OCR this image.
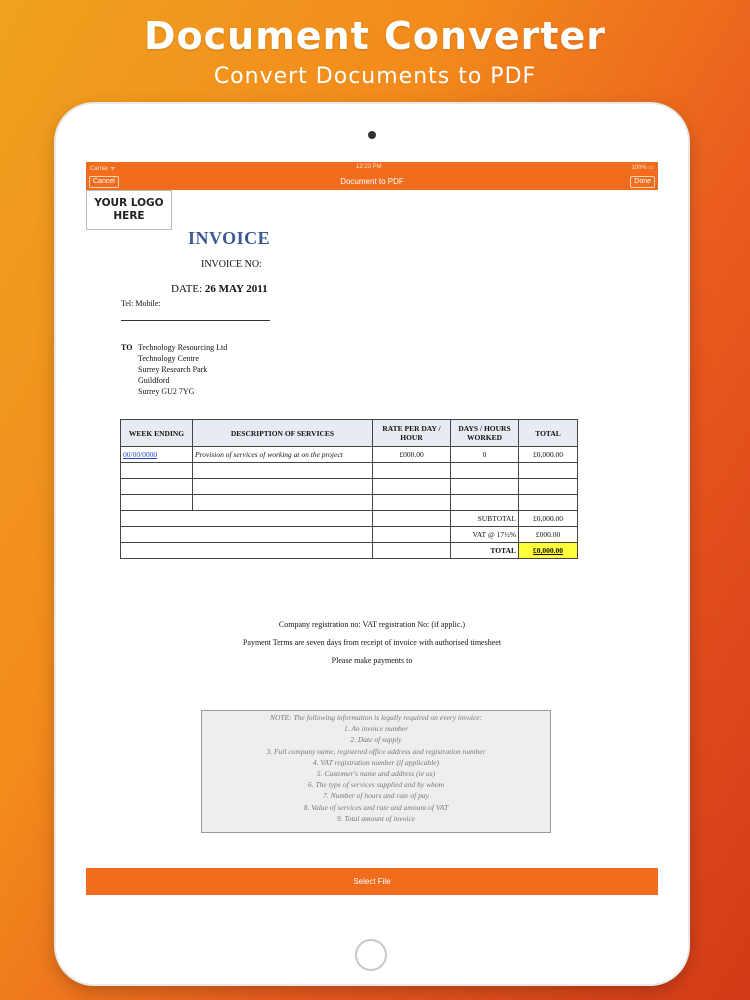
Document Converter
Convert Documents to PDF
Carrier ᯤ	12:23 PM	100% ▭
Cancel	Document to PDF	Done
YOUR LOGO HERE
INVOICE
INVOICE NO:
DATE: 26 MAY 2011
Tel: Mobile:
TO Technology Resourcing Ltd
Technology Centre
Surrey Research Park
Guildford
Surrey GU2 7YG
WEEK ENDING	DESCRIPTION OF SERVICES	RATE PER DAY / HOUR	DAYS / HOURS WORKED	TOTAL
00/00/0000	Provision of services of working at on the project	£000.00	0	£0,000.00

			SUBTOTAL	£0,000.00
			VAT @ 17½%	£000.00
			TOTAL	£0,000.00
Company registration no: VAT registration No: (if applic.)
Payment Terms are seven days from receipt of invoice with authorised timesheet
Please make payments to
NOTE: The following information is legally required on every invoice:
1. An invoice number
2. Date of supply
3. Full company name, registered office address and registration number
4. VAT registration number (if applicable)
5. Customer's name and address (ie us)
6. The type of services supplied and by whom
7. Number of hours and rate of pay
8. Value of services and rate and amount of VAT
9. Total amount of invoice
Select File
